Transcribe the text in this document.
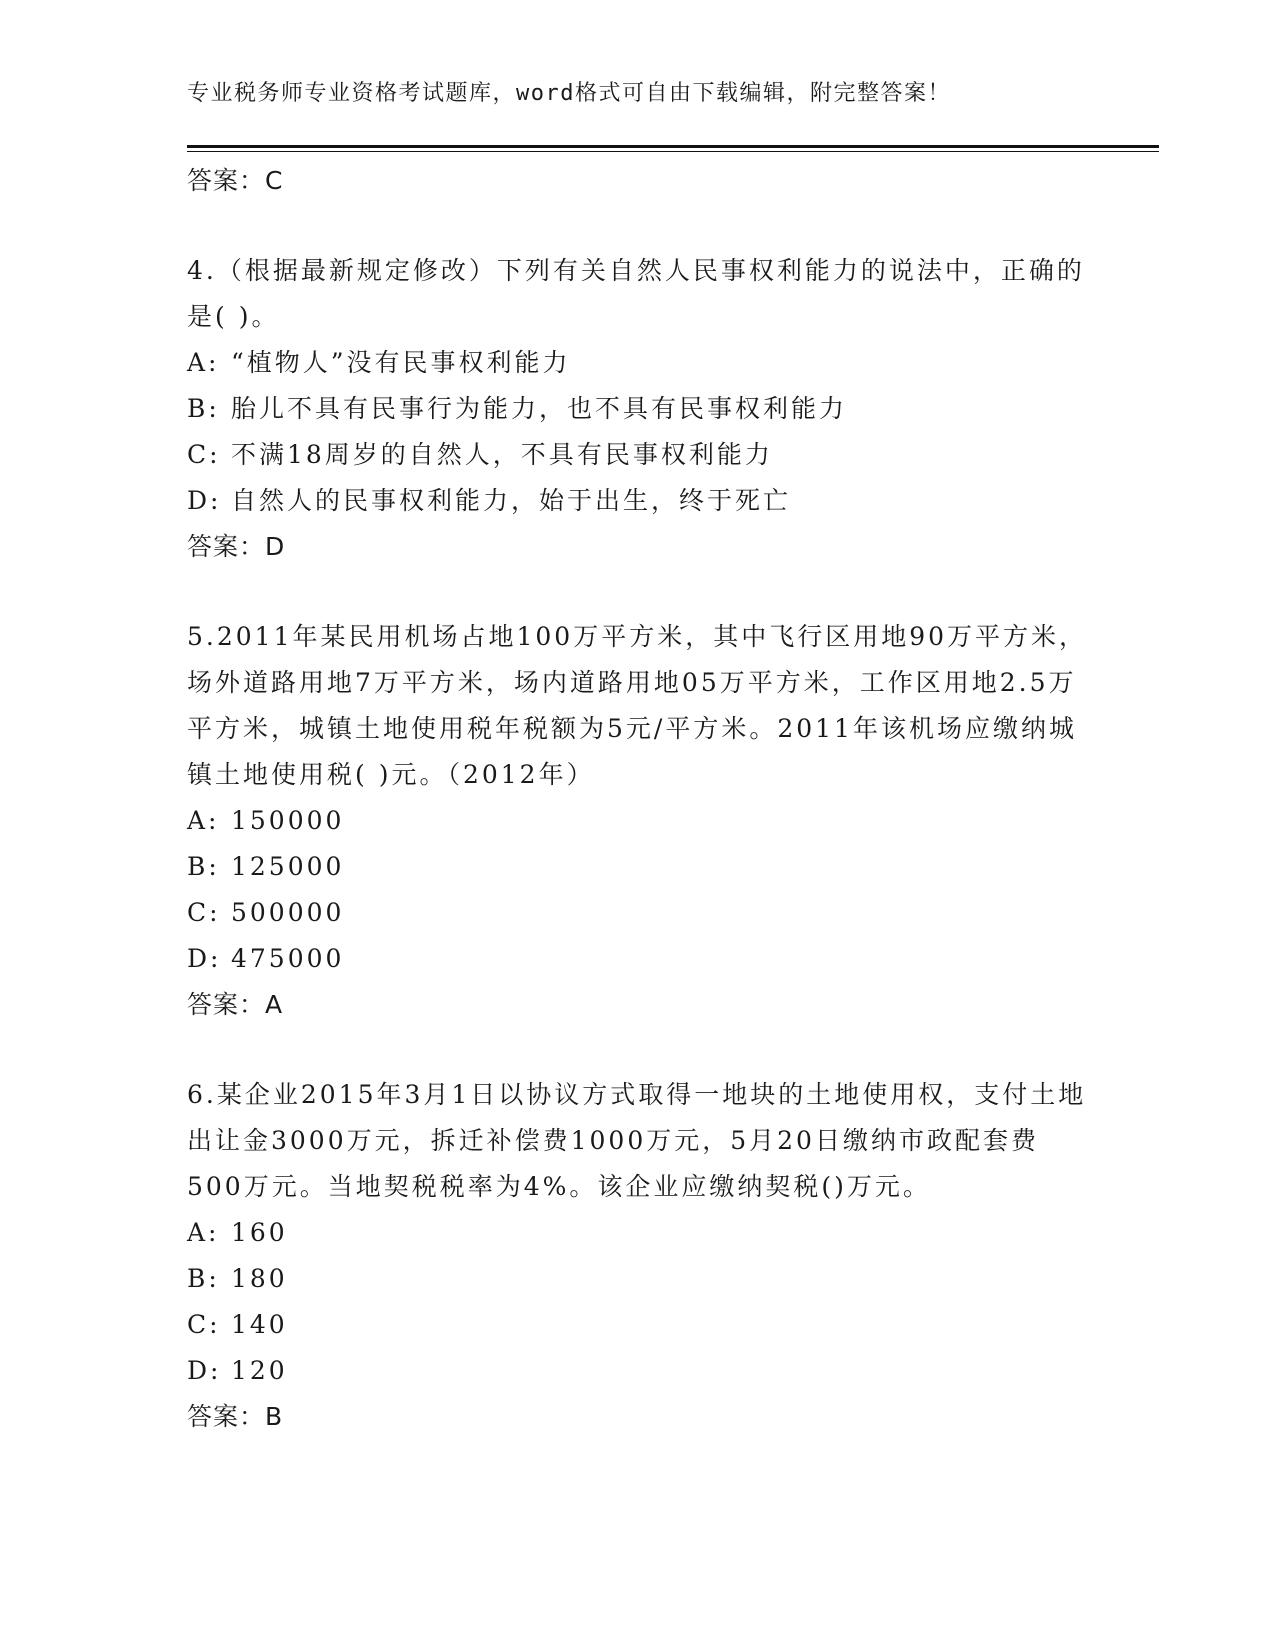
专业税务师专业资格考试题库，word格式可自由下载编辑，附完整答案！
答案：C

4.（根据最新规定修改）下列有关自然人民事权利能力的说法中，正确的是( )。

A: “植物人”没有民事权利能力
B: 胎儿不具有民事行为能力，也不具有民事权利能力
C: 不满18周岁的自然人，不具有民事权利能力
D: 自然人的民事权利能力，始于出生，终于死亡
答案：D

5.2011年某民用机场占地100万平方米，其中飞行区用地90万平方米，场外道路用地7万平方米，场内道路用地05万平方米，工作区用地2.5万平方米，城镇土地使用税年税额为5元/平方米。2011年该机场应缴纳城镇土地使用税( )元。（2012年）

A: 150000
B: 125000
C: 500000
D: 475000
答案：A

6.某企业2015年3月1日以协议方式取得一地块的土地使用权，支付土地出让金3000万元，拆迁补偿费1000万元，5月20日缴纳市政配套费500万元。当地契税税率为4%。该企业应缴纳契税()万元。

A: 160
B: 180
C: 140
D: 120
答案：B
